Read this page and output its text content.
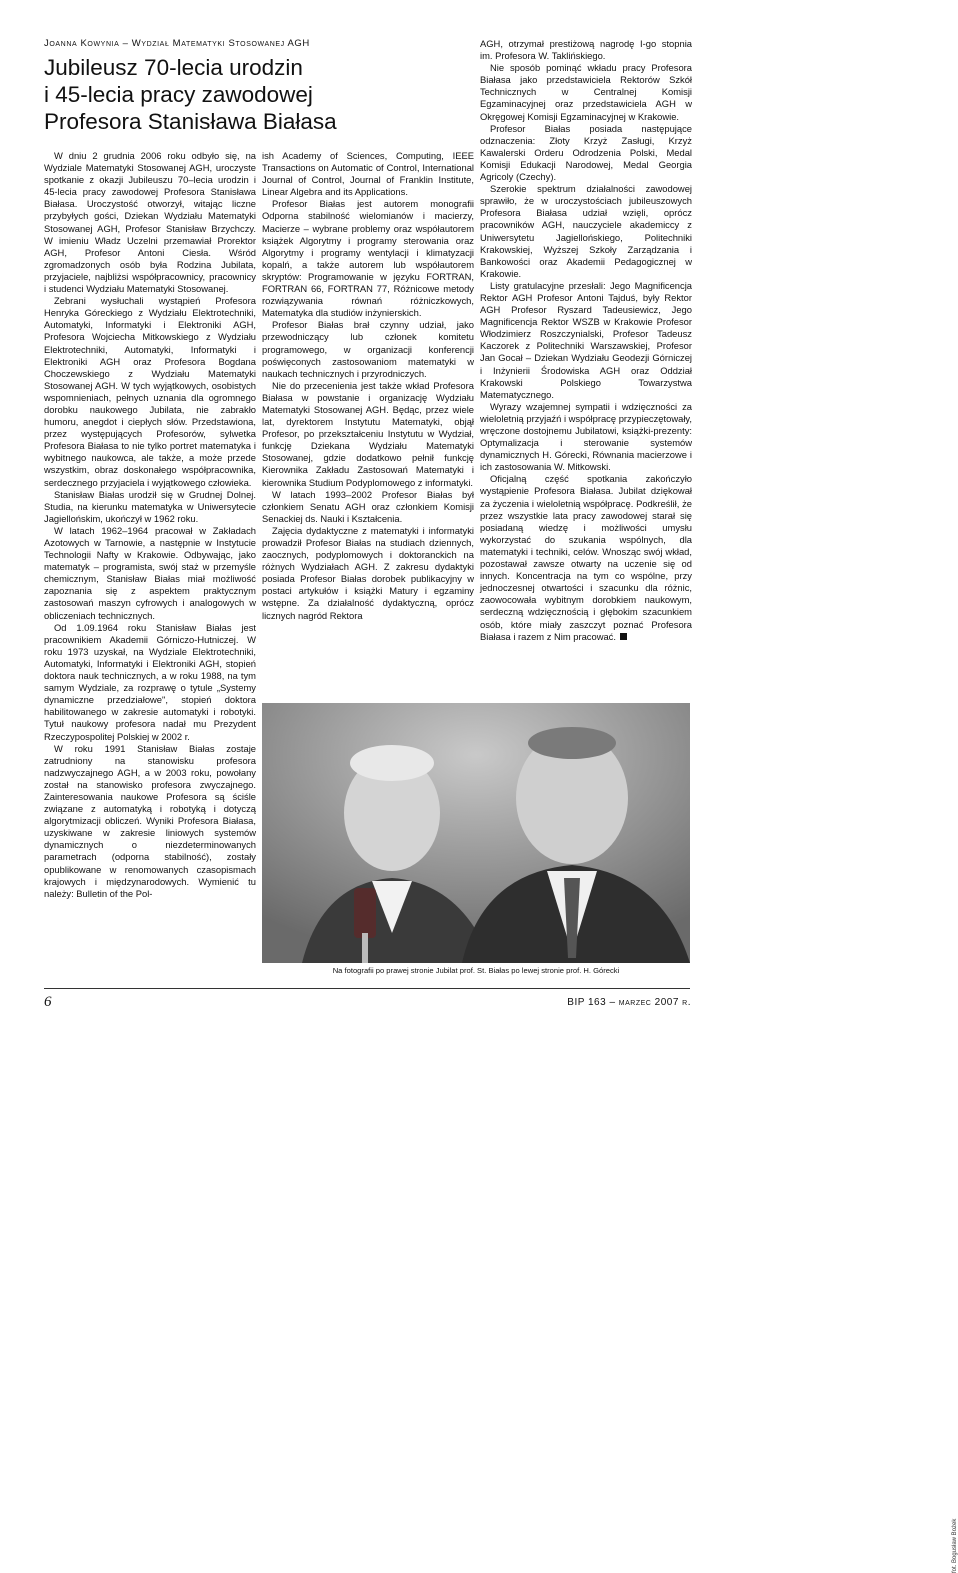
Joanna Kowynia – Wydział Matematyki Stosowanej AGH
Jubileusz 70-lecia urodzin
i 45-lecia pracy zawodowej
Profesora Stanisława Białasa

W dniu 2 grudnia 2006 roku odbyło się, na Wydziale Matematyki Stosowanej AGH, uroczyste spotkanie z okazji Jubileuszu 70–lecia urodzin i 45-lecia pracy zawodowej Profesora Stanisława Białasa. Uroczystość otworzył, witając liczne przybyłych gości, Dziekan Wydziału Matematyki Stosowanej AGH, Profesor Stanisław Brzychczy. W imieniu Władz Uczelni przemawiał Prorektor AGH, Profesor Antoni Ciesła. Wśród zgromadzonych osób była Rodzina Jubilata, przyjaciele, najbliżsi współpracownicy, pracownicy i studenci Wydziału Matematyki Stosowanej.

Zebrani wysłuchali wystąpień Profesora Henryka Góreckiego z Wydziału Elektrotechniki, Automatyki, Informatyki i Elektroniki AGH, Profesora Wojciecha Mitkowskiego z Wydziału Elektrotechniki, Automatyki, Informatyki i Elektroniki AGH oraz Profesora Bogdana Choczewskiego z Wydziału Matematyki Stosowanej AGH. W tych wyjątkowych, osobistych wspomnieniach, pełnych uznania dla ogromnego dorobku naukowego Jubilata, nie zabrakło humoru, anegdot i ciepłych słów. Przedstawiona, przez występujących Profesorów, sylwetka Profesora Białasa to nie tylko portret matematyka i wybitnego naukowca, ale także, a może przede wszystkim, obraz doskonałego współpracownika, serdecznego przyjaciela i wyjątkowego człowieka.

Stanisław Białas urodził się w Grudnej Dolnej. Studia, na kierunku matematyka w Uniwersytecie Jagiellońskim, ukończył w 1962 roku.

W latach 1962–1964 pracował w Zakładach Azotowych w Tarnowie, a następnie w Instytucie Technologii Nafty w Krakowie. Odbywając, jako matematyk – programista, swój staż w przemyśle chemicznym, Stanisław Białas miał możliwość zapoznania się z aspektem praktycznym zastosowań maszyn cyfrowych i analogowych w obliczeniach technicznych.

Od 1.09.1964 roku Stanisław Białas jest pracownikiem Akademii Górniczo-Hutniczej. W roku 1973 uzyskał, na Wydziale Elektrotechniki, Automatyki, Informatyki i Elektroniki AGH, stopień doktora nauk technicznych, a w roku 1988, na tym samym Wydziale, za rozprawę o tytule „Systemy dynamiczne przedziałowe", stopień doktora habilitowanego w zakresie automatyki i robotyki. Tytuł naukowy profesora nadał mu Prezydent Rzeczypospolitej Polskiej w 2002 r.

W roku 1991 Stanisław Białas zostaje zatrudniony na stanowisku profesora nadzwyczajnego AGH, a w 2003 roku, powołany został na stanowisko profesora zwyczajnego. Zainteresowania naukowe Profesora są ściśle związane z automatyką i robotyką i dotyczą algorytmizacji obliczeń. Wyniki Profesora Białasa, uzyskiwane w zakresie liniowych systemów dynamicznych o niezdeterminowanych parametrach (odporna stabilność), zostały opublikowane w renomowanych czasopismach krajowych i międzynarodowych. Wymienić tu należy: Bulletin of the Pol-

ish Academy of Sciences, Computing, IEEE Transactions on Automatic of Control, International Journal of Control, Journal of Franklin Institute, Linear Algebra and its Applications.

Profesor Białas jest autorem monografii Odporna stabilność wielomianów i macierzy, Macierze – wybrane problemy oraz współautorem książek Algorytmy i programy sterowania oraz Algorytmy i programy wentylacji i klimatyzacji kopalń, a także autorem lub współautorem skryptów: Programowanie w języku FORTRAN, FORTRAN 66, FORTRAN 77, Różnicowe metody rozwiązywania równań różniczkowych, Matematyka dla studiów inżynierskich.

Profesor Białas brał czynny udział, jako przewodniczący lub członek komitetu programowego, w organizacji konferencji poświęconych zastosowaniom matematyki w naukach technicznych i przyrodniczych.

Nie do przecenienia jest także wkład Profesora Białasa w powstanie i organizację Wydziału Matematyki Stosowanej AGH. Będąc, przez wiele lat, dyrektorem Instytutu Matematyki, objął Profesor, po przekształceniu Instytutu w Wydział, funkcję Dziekana Wydziału Matematyki Stosowanej, gdzie dodatkowo pełnił funkcję Kierownika Zakładu Zastosowań Matematyki i kierownika Studium Podyplomowego z informatyki.

W latach 1993–2002 Profesor Białas był członkiem Senatu AGH oraz członkiem Komisji Senackiej ds. Nauki i Kształcenia.

Zajęcia dydaktyczne z matematyki i informatyki prowadził Profesor Białas na studiach dziennych, zaocznych, podyplomowych i doktoranckich na różnych Wydziałach AGH. Z zakresu dydaktyki posiada Profesor Białas dorobek publikacyjny w postaci artykułów i książki Matury i egzaminy wstępne. Za działalność dydaktyczną, oprócz licznych nagród Rektora

AGH, otrzymał prestiżową nagrodę I-go stopnia im. Profesora W. Taklińskiego.

Nie sposób pominąć wkładu pracy Profesora Białasa jako przedstawiciela Rektorów Szkół Technicznych w Centralnej Komisji Egzaminacyjnej oraz przedstawiciela AGH w Okręgowej Komisji Egzaminacyjnej w Krakowie.

Profesor Białas posiada następujące odznaczenia: Złoty Krzyż Zasługi, Krzyż Kawalerski Orderu Odrodzenia Polski, Medal Komisji Edukacji Narodowej, Medal Georgia Agricoly (Czechy).

Szerokie spektrum działalności zawodowej sprawiło, że w uroczystościach jubileuszowych Profesora Białasa udział wzięli, oprócz pracowników AGH, nauczyciele akademiccy z Uniwersytetu Jagiellońskiego, Politechniki Krakowskiej, Wyższej Szkoły Zarządzania i Bankowości oraz Akademii Pedagogicznej w Krakowie.

Listy gratulacyjne przesłali: Jego Magnificencja Rektor AGH Profesor Antoni Tajduś, były Rektor AGH Profesor Ryszard Tadeusiewicz, Jego Magnificencja Rektor WSZB w Krakowie Profesor Włodzimierz Roszczynialski, Profesor Tadeusz Kaczorek z Politechniki Warszawskiej, Profesor Jan Gocał – Dziekan Wydziału Geodezji Górniczej i Inżynierii Środowiska AGH oraz Oddział Krakowski Polskiego Towarzystwa Matematycznego.

Wyrazy wzajemnej sympatii i wdzięczności za wieloletnią przyjaźń i współpracę przypieczętowały, wręczone dostojnemu Jubilatowi, książki-prezenty: Optymalizacja i sterowanie systemów dynamicznych H. Górecki, Równania macierzowe i ich zastosowania W. Mitkowski.

Oficjalną część spotkania zakończyło wystąpienie Profesora Białasa. Jubilat dziękował za życzenia i wieloletnią współpracę. Podkreślił, że przez wszystkie lata pracy zawodowej starał się posiadaną wiedzę i możliwości umysłu wykorzystać do szukania wspólnych, dla matematyki i techniki, celów. Wnosząc swój wkład, pozostawał zawsze otwarty na uczenie się od innych. Koncentracja na tym co wspólne, przy jednoczesnej otwartości i szacunku dla różnic, zaowocowała wybitnym dorobkiem naukowym, serdeczną wdzięcznością i głębokim szacunkiem osób, które miały zaszczyt poznać Profesora Białasa i razem z Nim pracować.

fot. Bogusław Bożek
Na fotografii po prawej stronie Jubilat prof. St. Białas po lewej stronie prof. H. Górecki
6	BIP 163 – marzec 2007 r.
